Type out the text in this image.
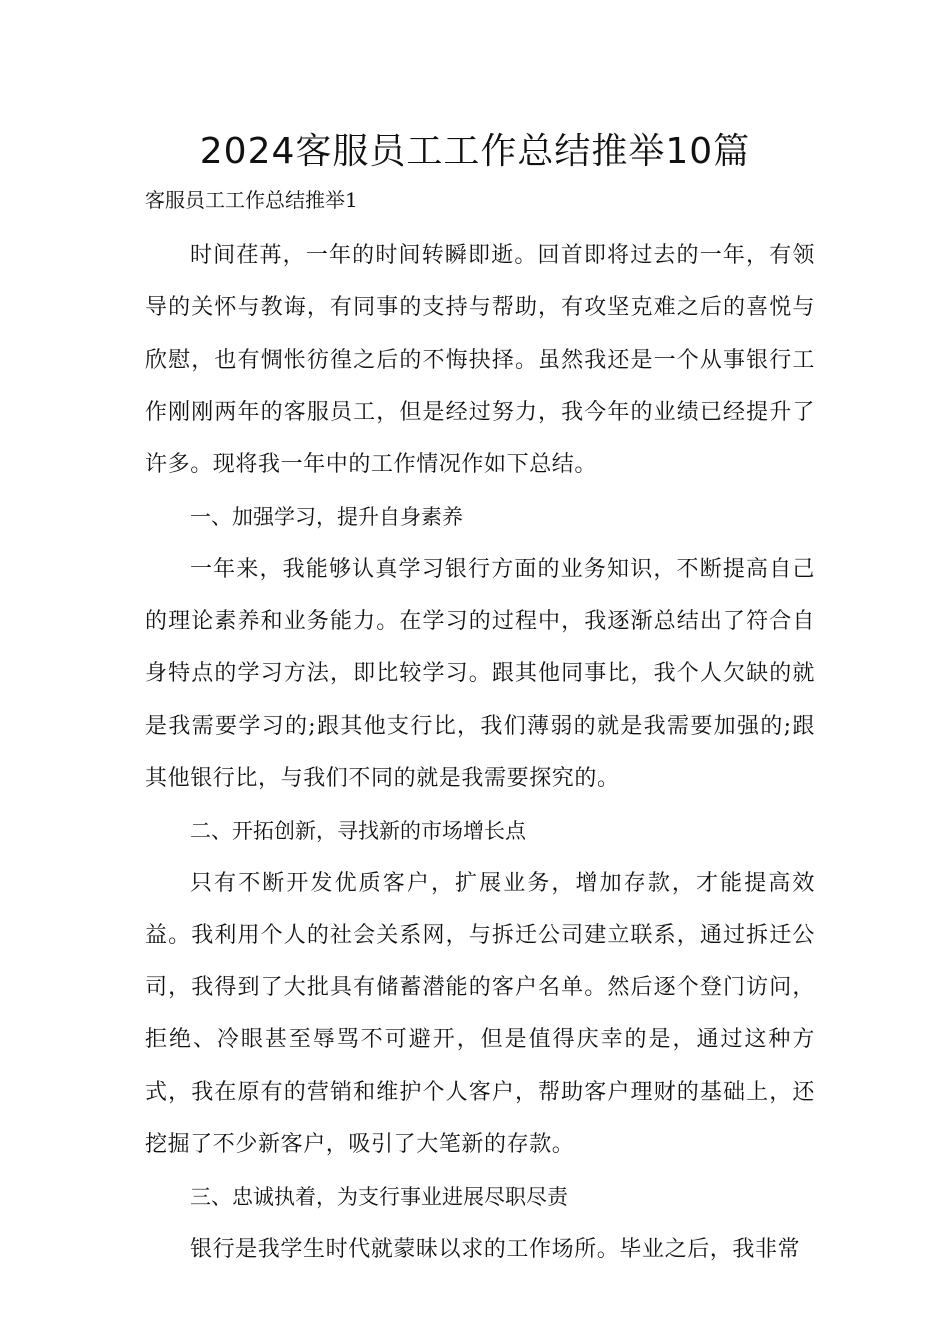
2024客服员工工作总结推举10篇

客服员工工作总结推举1

时间荏苒，一年的时间转瞬即逝。回首即将过去的一年，有领导的关怀与教诲，有同事的支持与帮助，有攻坚克难之后的喜悦与欣慰，也有惆怅彷徨之后的不悔抉择。虽然我还是一个从事银行工作刚刚两年的客服员工，但是经过努力，我今年的业绩已经提升了许多。现将我一年中的工作情况作如下总结。

一、加强学习，提升自身素养

一年来，我能够认真学习银行方面的业务知识，不断提高自己的理论素养和业务能力。在学习的过程中，我逐渐总结出了符合自身特点的学习方法，即比较学习。跟其他同事比，我个人欠缺的就是我需要学习的;跟其他支行比，我们薄弱的就是我需要加强的;跟其他银行比，与我们不同的就是我需要探究的。

二、开拓创新，寻找新的市场增长点

只有不断开发优质客户，扩展业务，增加存款，才能提高效益。我利用个人的社会关系网，与拆迁公司建立联系，通过拆迁公司，我得到了大批具有储蓄潜能的客户名单。然后逐个登门访问，拒绝、冷眼甚至辱骂不可避开，但是值得庆幸的是，通过这种方式，我在原有的营销和维护个人客户，帮助客户理财的基础上，还挖掘了不少新客户，吸引了大笔新的存款。

三、忠诚执着，为支行事业进展尽职尽责

银行是我学生时代就蒙昧以求的工作场所。毕业之后，我非常
